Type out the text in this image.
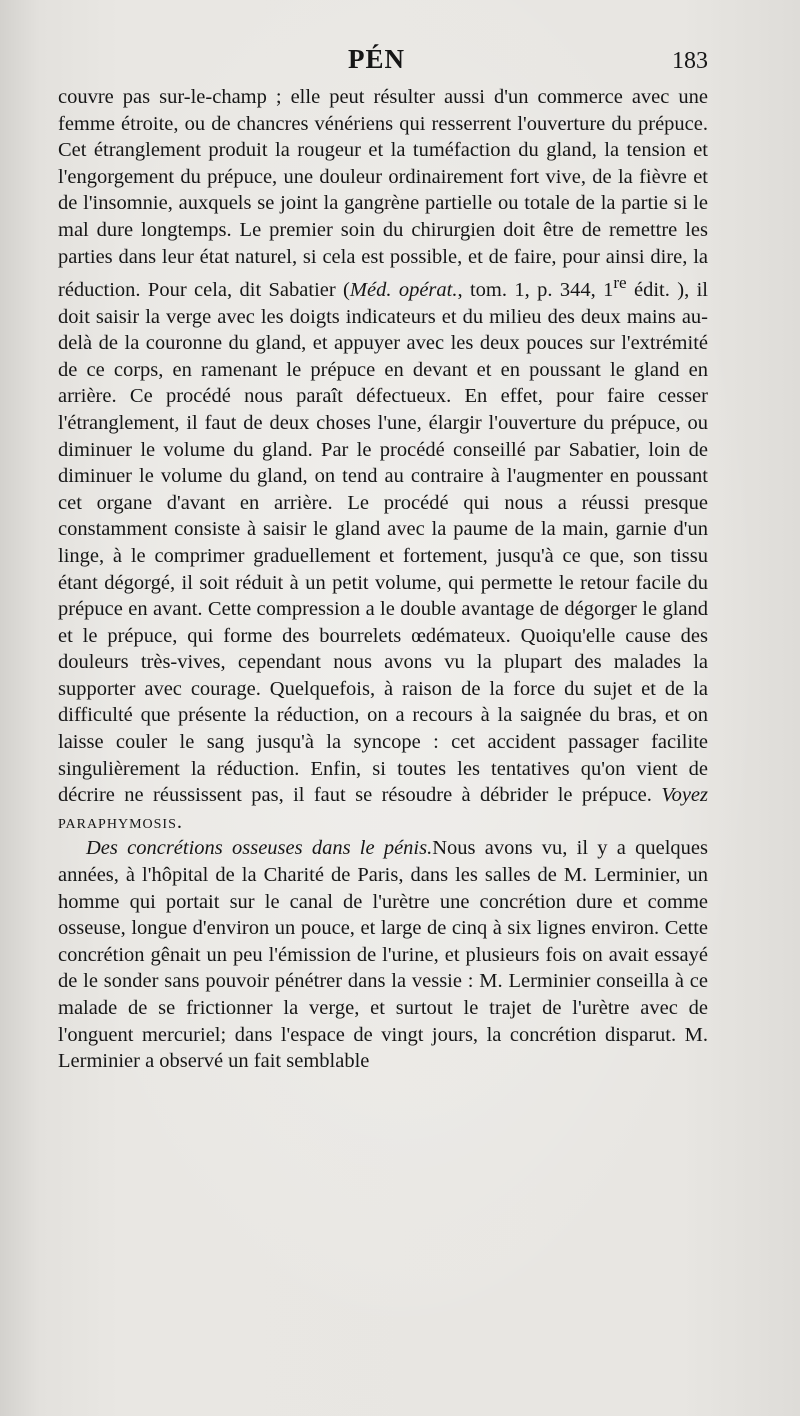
PÉN	183

couvre pas sur-le-champ ; elle peut résulter aussi d'un commerce avec une femme étroite, ou de chancres vénériens qui resserrent l'ouverture du prépuce. Cet étranglement produit la rougeur et la tuméfaction du gland, la tension et l'engorgement du prépuce, une douleur ordinairement fort vive, de la fièvre et de l'insomnie, auxquels se joint la gangrène partielle ou totale de la partie si le mal dure longtemps. Le premier soin du chirurgien doit être de remettre les parties dans leur état naturel, si cela est possible, et de faire, pour ainsi dire, la réduction. Pour cela, dit Sabatier (Méd. opérat., tom. 1, p. 344, 1re édit. ), il doit saisir la verge avec les doigts indicateurs et du milieu des deux mains au-delà de la couronne du gland, et appuyer avec les deux pouces sur l'extrémité de ce corps, en ramenant le prépuce en devant et en poussant le gland en arrière. Ce procédé nous paraît défectueux. En effet, pour faire cesser l'étranglement, il faut de deux choses l'une, élargir l'ouverture du prépuce, ou diminuer le volume du gland. Par le procédé conseillé par Sabatier, loin de diminuer le volume du gland, on tend au contraire à l'augmenter en poussant cet organe d'avant en arrière. Le procédé qui nous a réussi presque constamment consiste à saisir le gland avec la paume de la main, garnie d'un linge, à le comprimer graduellement et fortement, jusqu'à ce que, son tissu étant dégorgé, il soit réduit à un petit volume, qui permette le retour facile du prépuce en avant. Cette compression a le double avantage de dégorger le gland et le prépuce, qui forme des bourrelets œdémateux. Quoiqu'elle cause des douleurs très-vives, cependant nous avons vu la plupart des malades la supporter avec courage. Quelquefois, à raison de la force du sujet et de la difficulté que présente la réduction, on a recours à la saignée du bras, et on laisse couler le sang jusqu'à la syncope : cet accident passager facilite singulièrement la réduction. Enfin, si toutes les tentatives qu'on vient de décrire ne réussissent pas, il faut se résoudre à débrider le prépuce. Voyez paraphymosis.

Des concrétions osseuses dans le pénis.Nous avons vu, il y a quelques années, à l'hôpital de la Charité de Paris, dans les salles de M. Lerminier, un homme qui portait sur le canal de l'urètre une concrétion dure et comme osseuse, longue d'environ un pouce, et large de cinq à six lignes environ. Cette concrétion gênait un peu l'émission de l'urine, et plusieurs fois on avait essayé de le sonder sans pouvoir pénétrer dans la vessie : M. Lerminier conseilla à ce malade de se frictionner la verge, et surtout le trajet de l'urètre avec de l'onguent mercuriel; dans l'espace de vingt jours, la concrétion disparut. M. Lerminier a observé un fait semblable
